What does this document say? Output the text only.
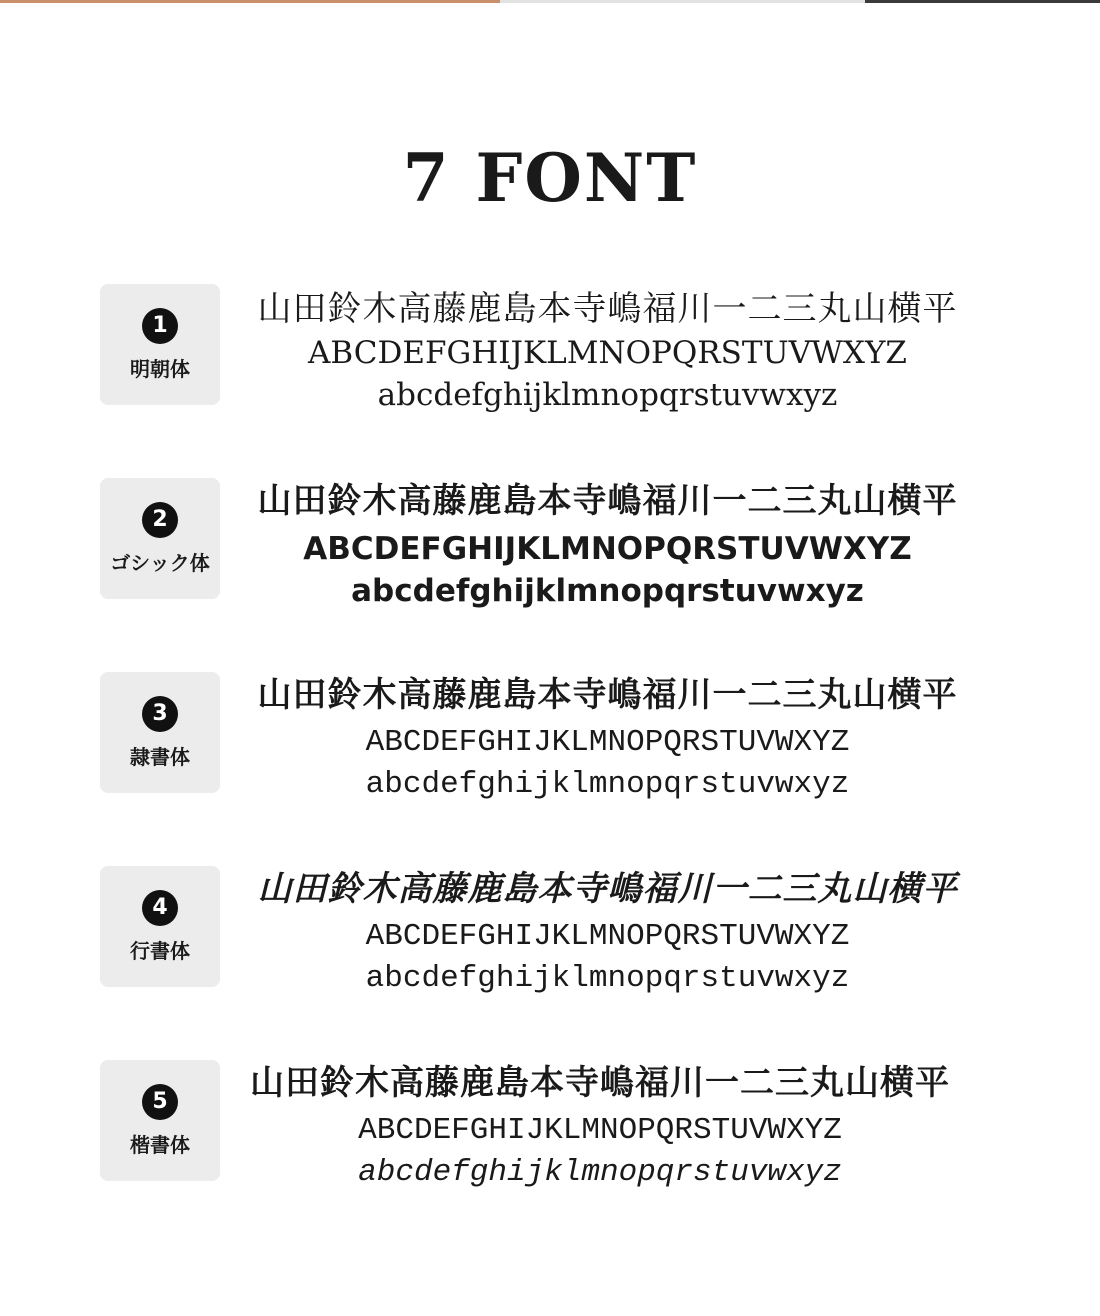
7 FONT
1
明朝体
山田鈴木高藤鹿島本寺嶋福川一二三丸山横平
ABCDEFGHIJKLMNOPQRSTUVWXYZ
abcdefghijklmnopqrstuvwxyz
2
ゴシック体
山田鈴木高藤鹿島本寺嶋福川一二三丸山横平
ABCDEFGHIJKLMNOPQRSTUVWXYZ
abcdefghijklmnopqrstuvwxyz
3
隷書体
山田鈴木高藤鹿島本寺嶋福川一二三丸山横平
ABCDEFGHIJKLMNOPQRSTUVWXYZ
abcdefghijklmnopqrstuvwxyz
4
行書体
山田鈴木高藤鹿島本寺嶋福川一二三丸山横平
ABCDEFGHIJKLMNOPQRSTUVWXYZ
abcdefghijklmnopqrstuvwxyz
5
楷書体
山田鈴木高藤鹿島本寺嶋福川一二三丸山横平
ABCDEFGHIJKLMNOPQRSTUVWXYZ
abcdefghijklmnopqrstuvwxyz
